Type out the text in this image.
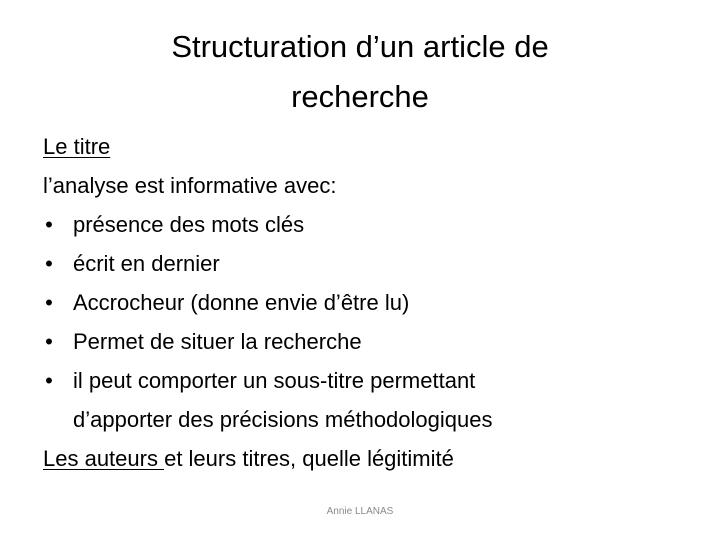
Structuration d’un article de
recherche
Le titre
l’analyse est informative avec:
• présence des mots clés
• écrit en dernier
• Accrocheur (donne envie d’être lu)
• Permet de situer la recherche
• il peut comporter un sous-titre permettant
d’apporter des précisions méthodologiques
Les auteurs et leurs titres, quelle légitimité
Annie LLANAS
